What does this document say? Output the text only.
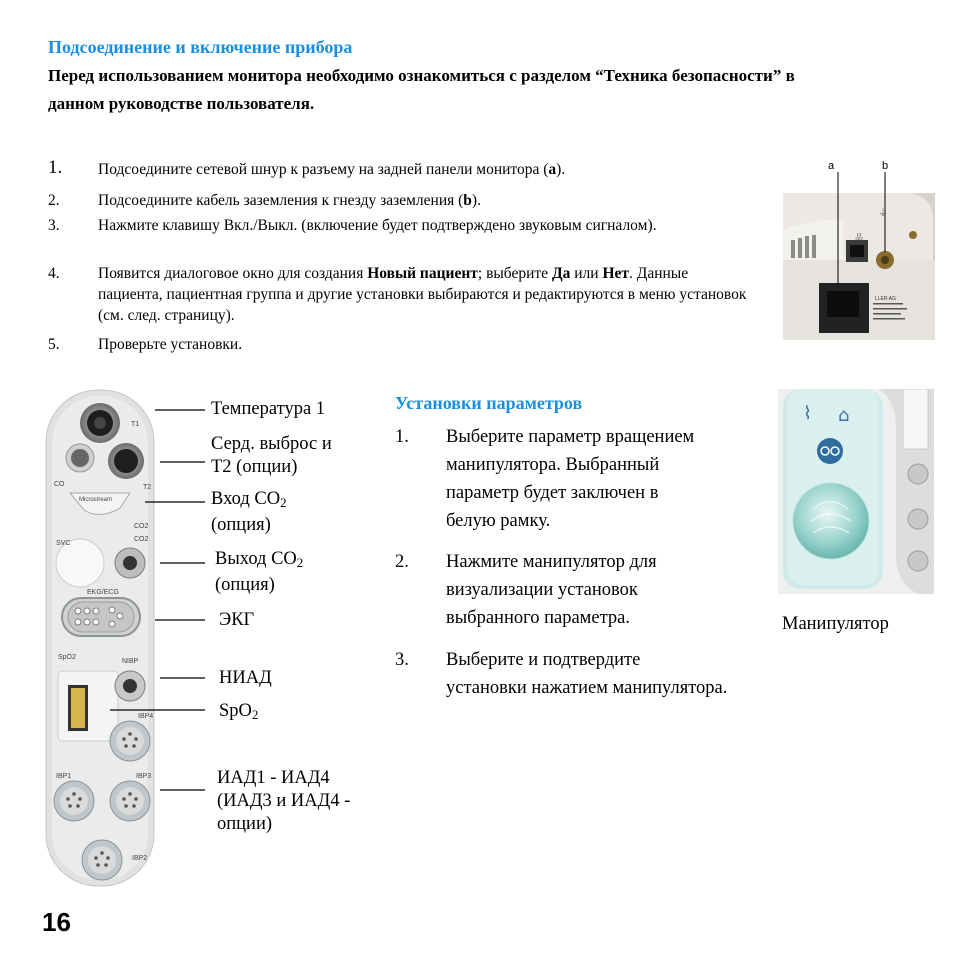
Подсоединение и включение прибора
Перед использованием монитора необходимо ознакомиться с разделом “Техника безопасности” в данном руководстве пользователя.
1. Подсоедините сетевой шнур к разъему на задней панели монитора (a).
2. Подсоедините кабель заземления к гнезду заземления (b).
3. Нажмите клавишу Вкл./Выкл. (включение будет подтверждено звуковым сигналом).
4. Появится диалоговое окно для создания Новый пациент; выберите Да или Нет. Данные пациента, пациентная группа и другие установки выбираются и редактируются в меню установок (см. след. страницу).
5. Проверьте установки.
a	b
⏚
品
LLER AG
T1
CO	T2
Microstream
CO2
CO2
SVC
EKG/ECG
SpO2
NIBP
IBP4
IBP1	IBP3
IBP2
Температура 1
Серд. выброс и
T2 (опции)
Вход $CO_2$
(опция)
Выход $CO_2$
(опция)
ЭКГ
НИАД
SpO$_2$
ИАД1 - ИАД4
(ИАД3 и ИАД4 -
опции)
Установки параметров
1. Выберите параметр вращением
манипулятора. Выбранный
параметр будет заключен в
белую рамку.
2. Нажмите манипулятор для
визуализации установок
выбранного параметра.
3. Выберите и подтвердите
установки нажатием манипулятора.
⌇ ⌂
Манипулятор
16
